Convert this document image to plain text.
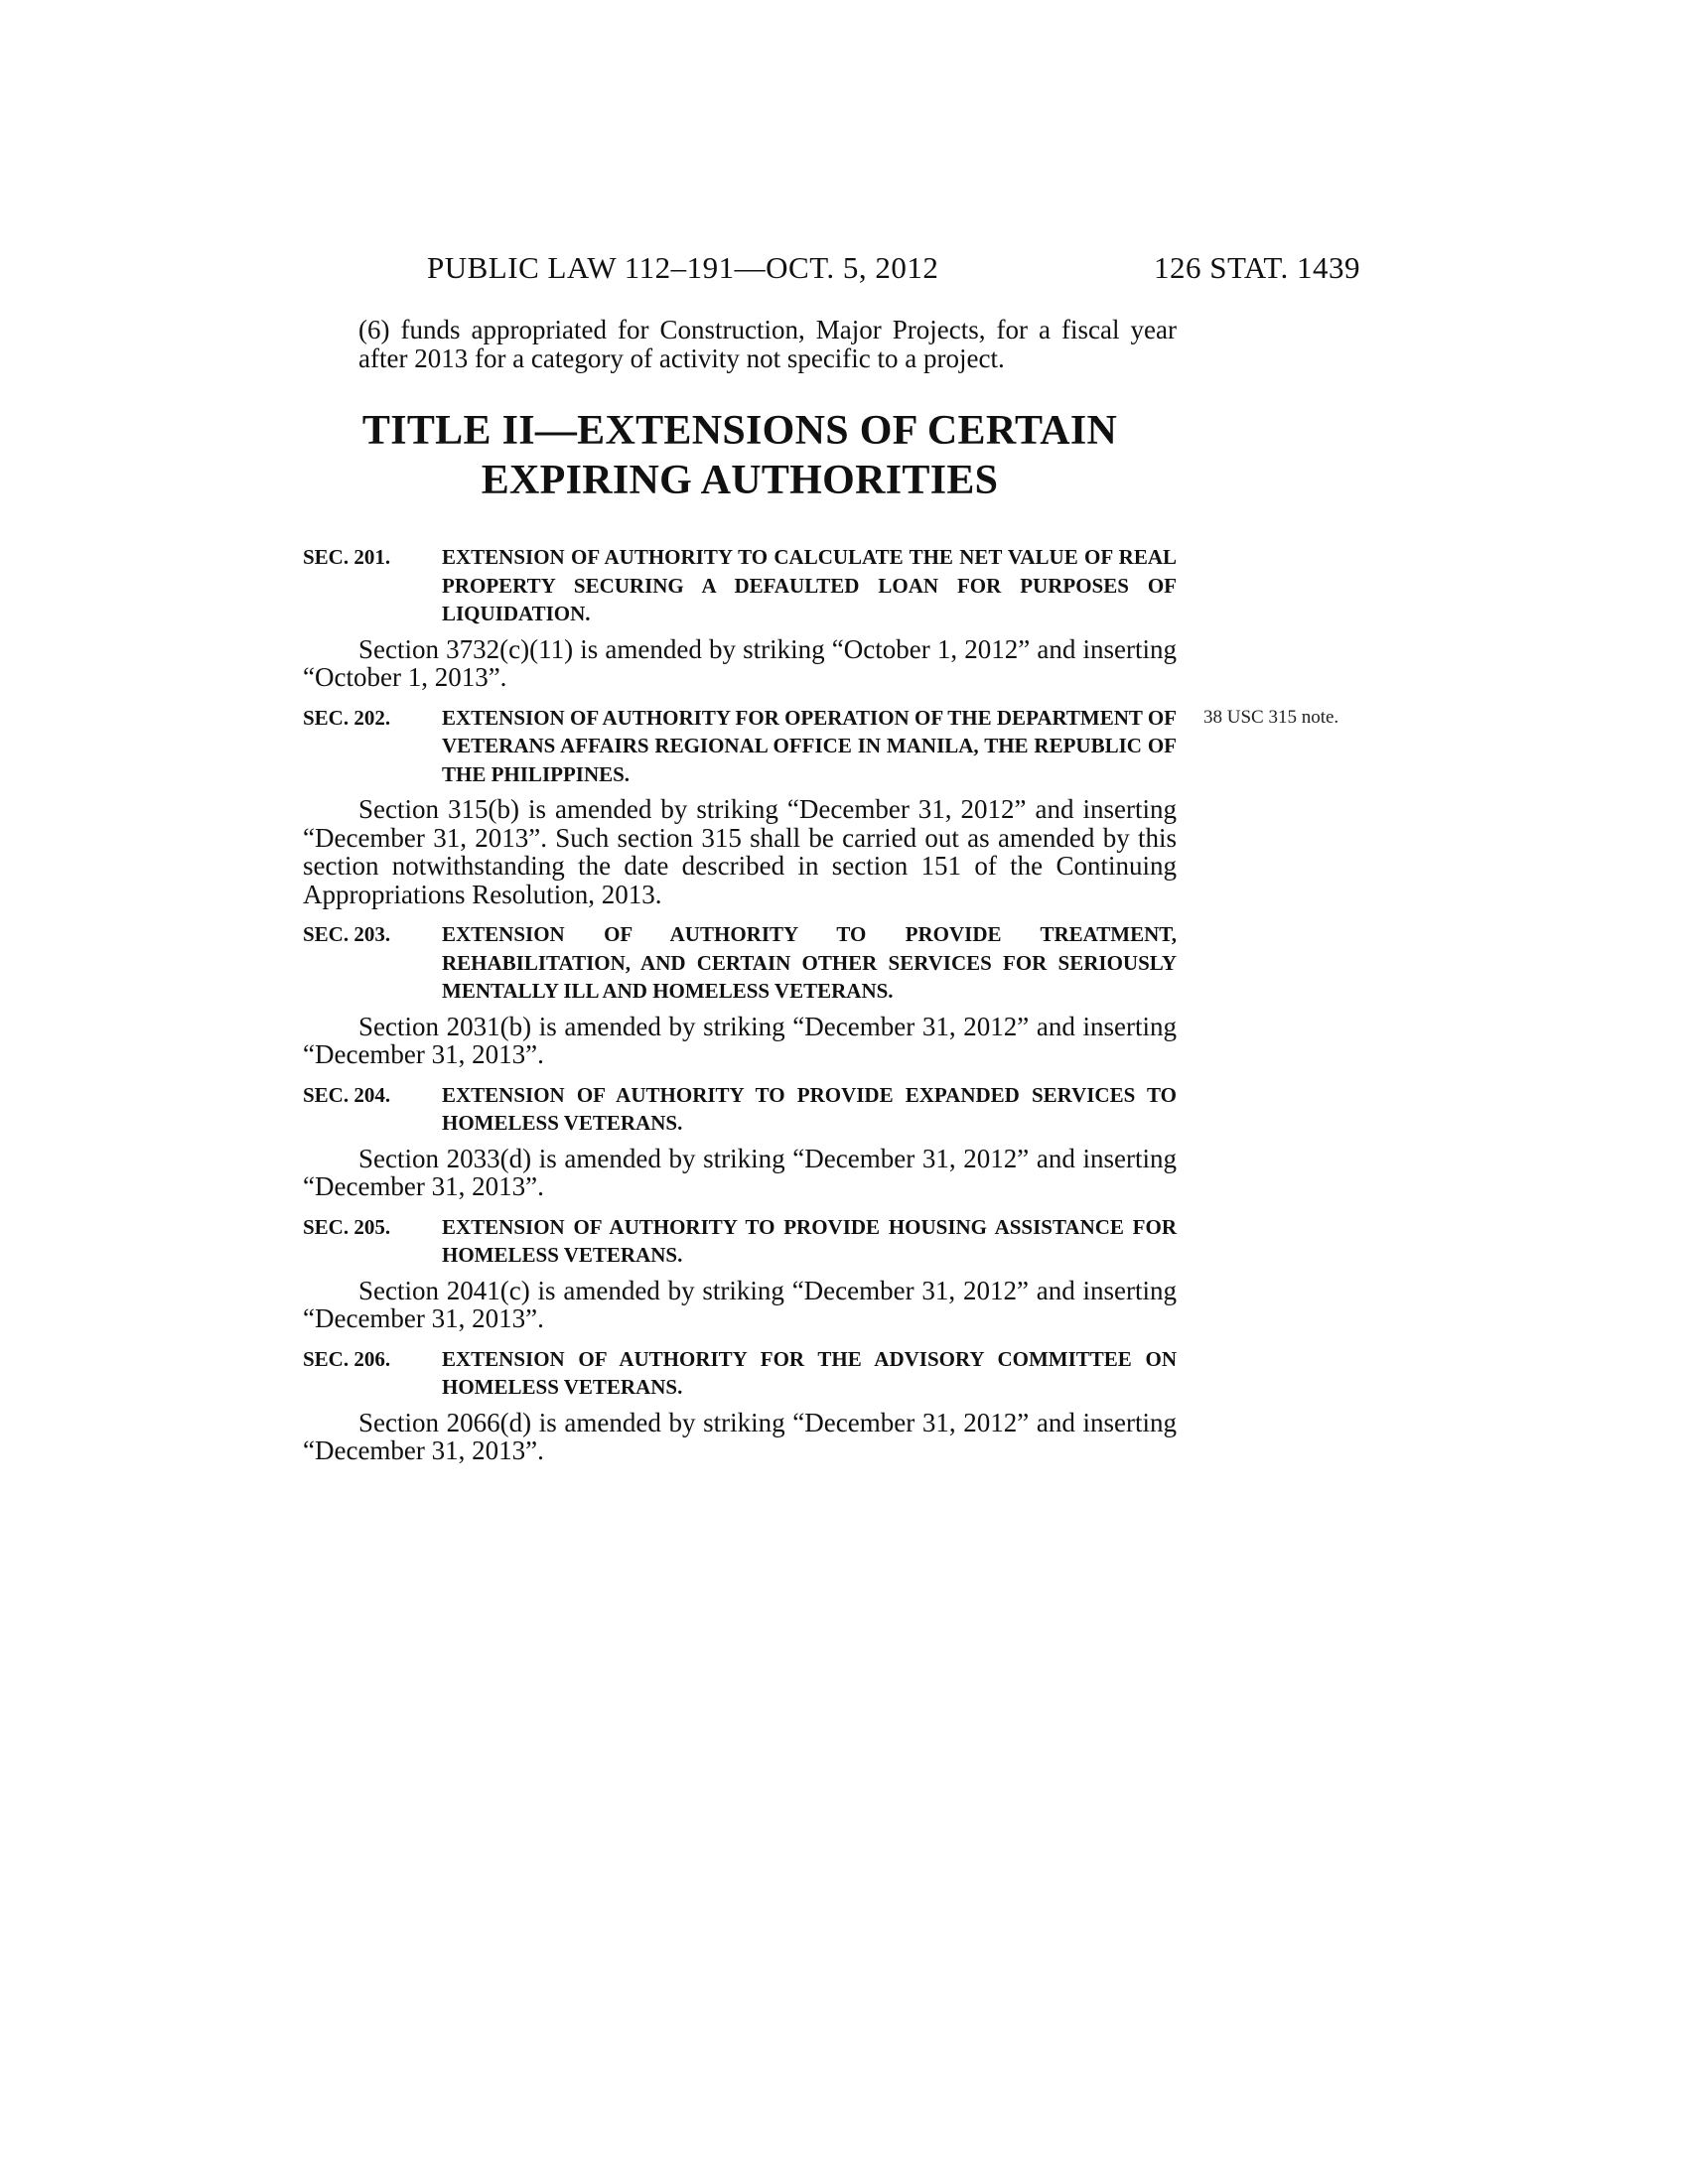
PUBLIC LAW 112–191—OCT. 5, 2012	126 STAT. 1439

(6) funds appropriated for Construction, Major Projects, for a fiscal year after 2013 for a category of activity not specific to a project.

TITLE II—EXTENSIONS OF CERTAIN
EXPIRING AUTHORITIES

SEC. 201. EXTENSION OF AUTHORITY TO CALCULATE THE NET VALUE OF REAL PROPERTY SECURING A DEFAULTED LOAN FOR PURPOSES OF LIQUIDATION.

Section 3732(c)(11) is amended by striking “October 1, 2012” and inserting “October 1, 2013”.

38 USC 315 note.

SEC. 202. EXTENSION OF AUTHORITY FOR OPERATION OF THE DEPARTMENT OF VETERANS AFFAIRS REGIONAL OFFICE IN MANILA, THE REPUBLIC OF THE PHILIPPINES.

Section 315(b) is amended by striking “December 31, 2012” and inserting “December 31, 2013”. Such section 315 shall be carried out as amended by this section notwithstanding the date described in section 151 of the Continuing Appropriations Resolution, 2013.

SEC. 203. EXTENSION OF AUTHORITY TO PROVIDE TREATMENT, REHABILITATION, AND CERTAIN OTHER SERVICES FOR SERIOUSLY MENTALLY ILL AND HOMELESS VETERANS.

Section 2031(b) is amended by striking “December 31, 2012” and inserting “December 31, 2013”.

SEC. 204. EXTENSION OF AUTHORITY TO PROVIDE EXPANDED SERVICES TO HOMELESS VETERANS.

Section 2033(d) is amended by striking “December 31, 2012” and inserting “December 31, 2013”.

SEC. 205. EXTENSION OF AUTHORITY TO PROVIDE HOUSING ASSISTANCE FOR HOMELESS VETERANS.

Section 2041(c) is amended by striking “December 31, 2012” and inserting “December 31, 2013”.

SEC. 206. EXTENSION OF AUTHORITY FOR THE ADVISORY COMMITTEE ON HOMELESS VETERANS.

Section 2066(d) is amended by striking “December 31, 2012” and inserting “December 31, 2013”.
